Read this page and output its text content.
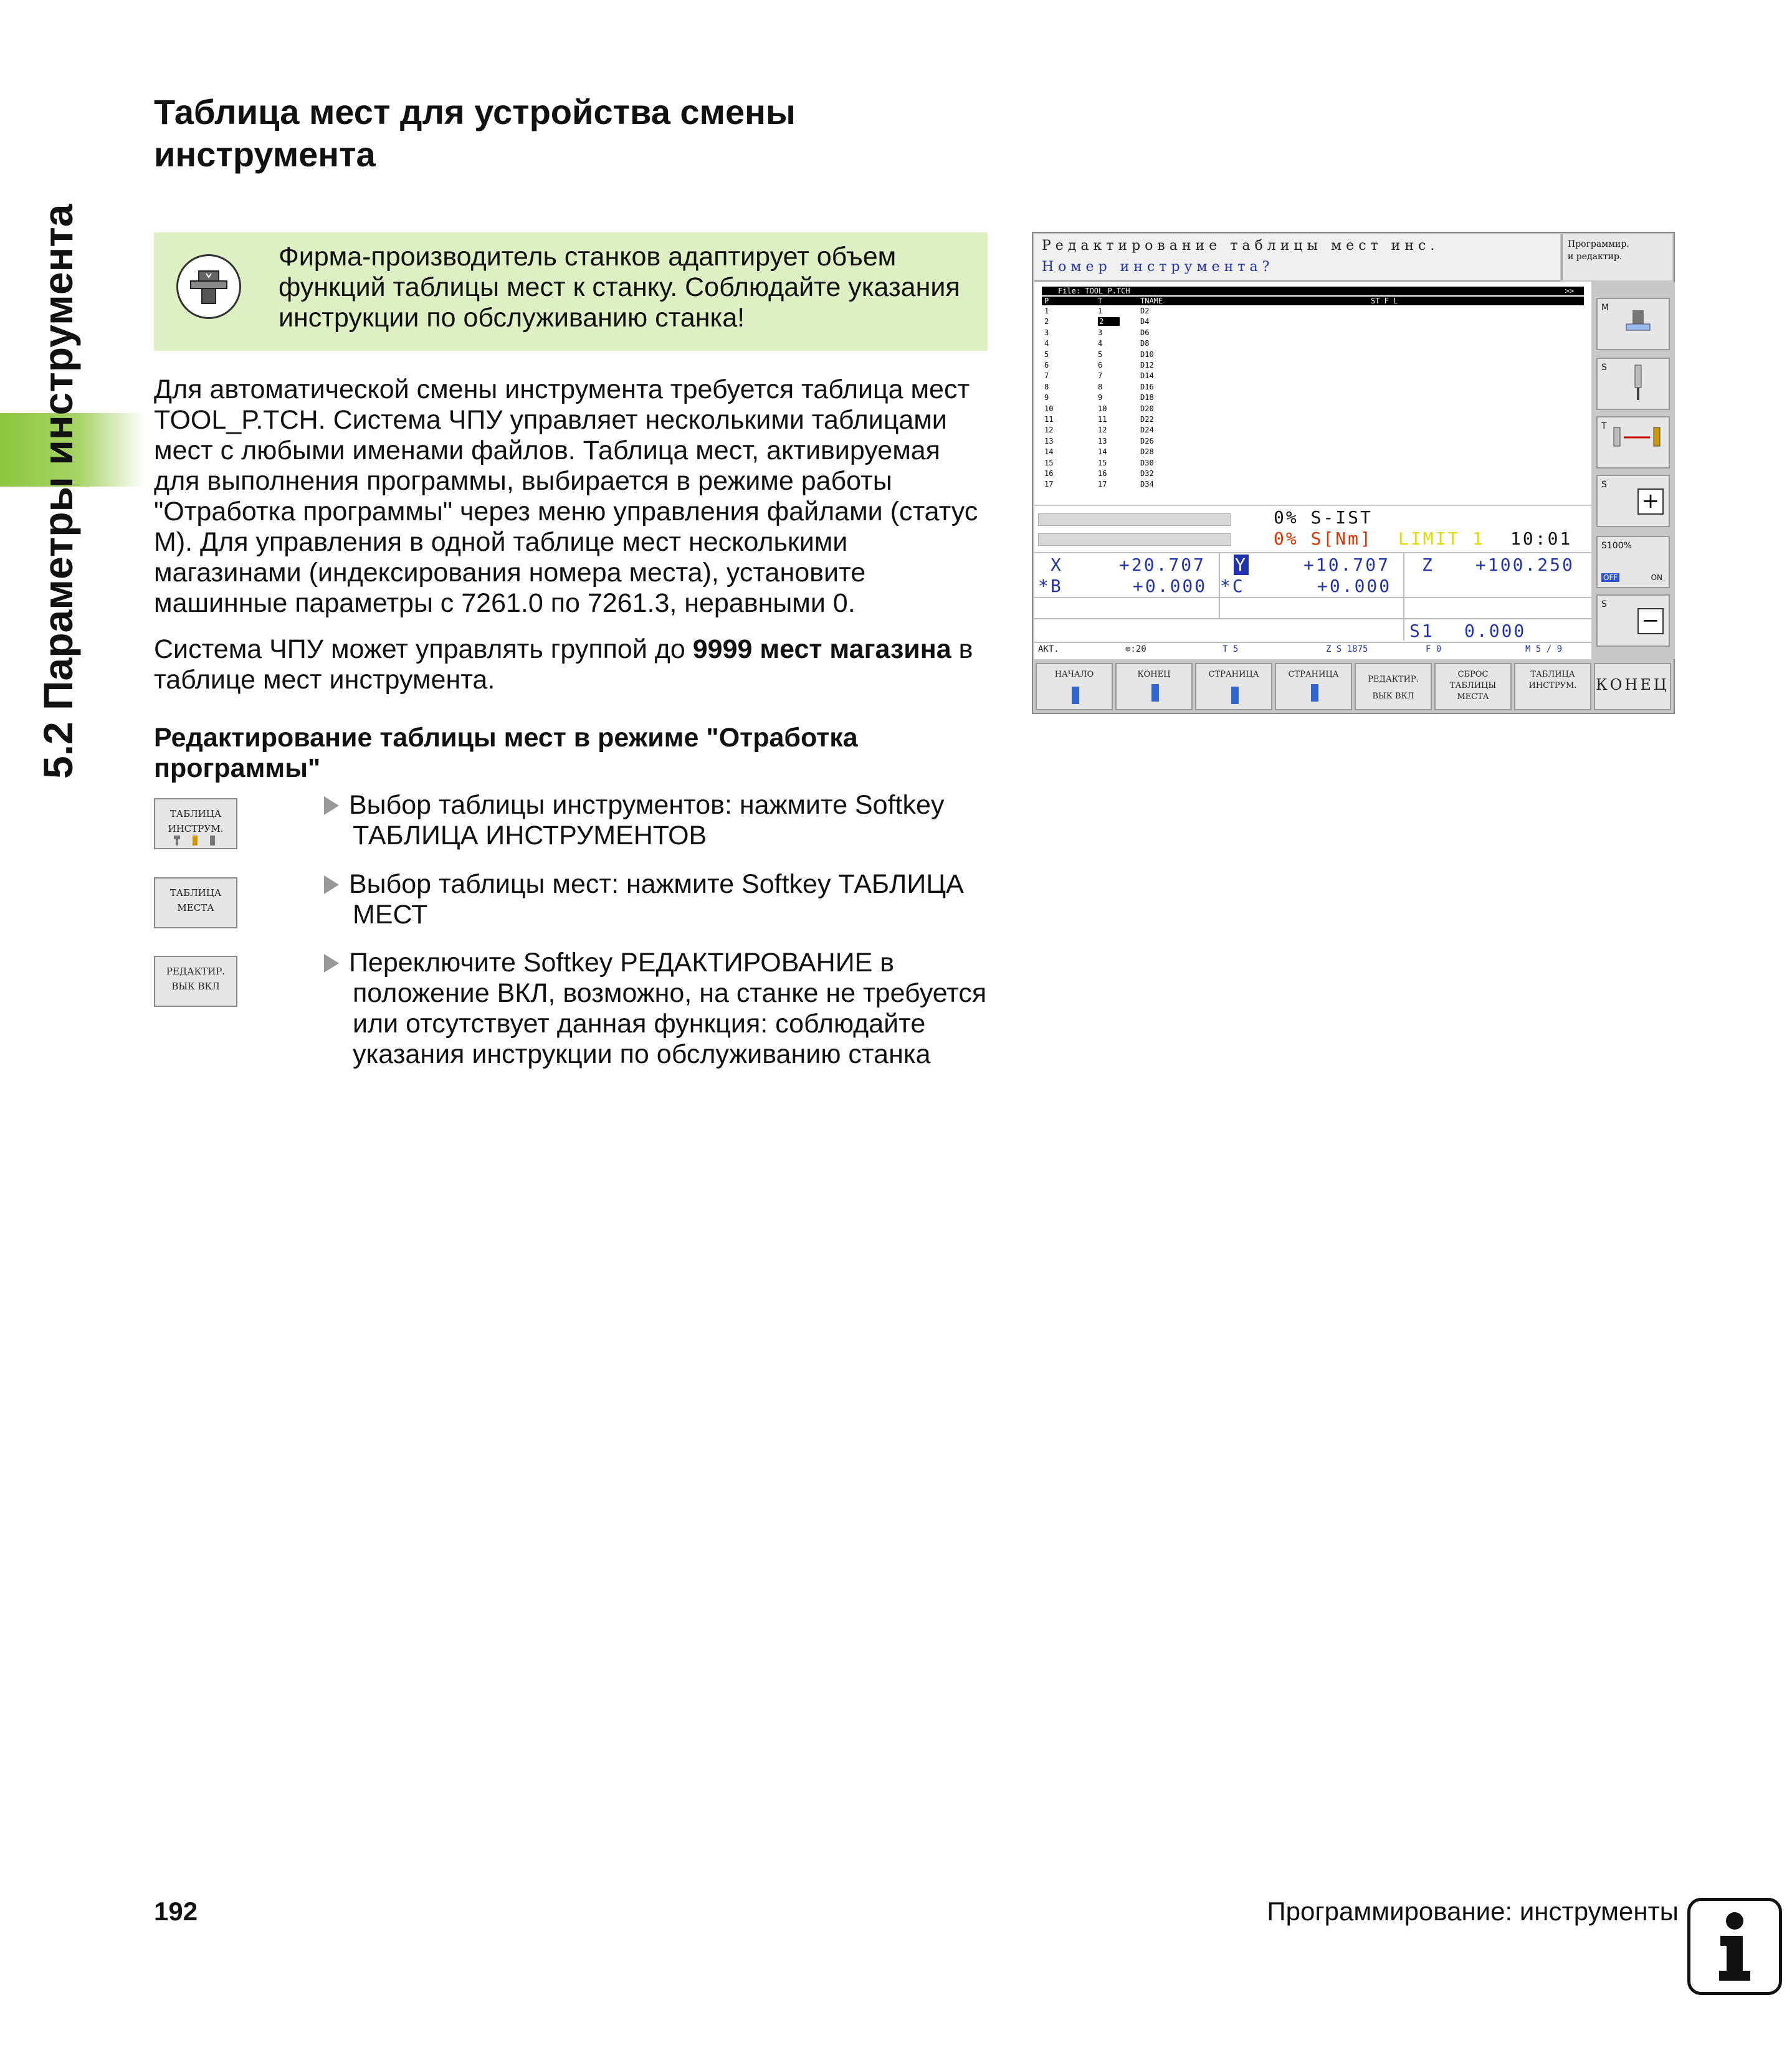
5.2 Параметры инструмента
Таблица мест для устройства смены инструмента
Фирма-производитель станков адаптирует объем функций таблицы мест к станку. Соблюдайте указания инструкции по обслуживанию станка!

Для автоматической смены инструмента требуется таблица мест TOOL_P.TCH. Система ЧПУ управляет несколькими таблицами мест с любыми именами файлов. Таблица мест, активируемая для выполнения программы, выбирается в режиме работы "Отработка программы" через меню управления файлами (статус M). Для управления в одной таблице мест несколькими магазинами (индексирования номера места), установите машинные параметры с 7261.0 по 7261.3, неравными 0.

Система ЧПУ может управлять группой до 9999 мест магазина в таблице мест инструмента.

Редактирование таблицы мест в режиме "Отработка программы"
ТАБЛИЦА
ИНСТРУМ.
Выбор таблицы инструментов: нажмите Softkey
ТАБЛИЦА ИНСТРУМЕНТОВ
ТАБЛИЦА
МЕСТА
Выбор таблицы мест: нажмите Softkey ТАБЛИЦА
МЕСТ
РЕДАКТИР.
ВЫК ВКЛ
Переключите Softkey РЕДАКТИРОВАНИЕ в
положение ВКЛ, возможно, на станке не требуется или отсутствует данная функция: соблюдайте указания инструкции по обслуживанию станка
Редактирование таблицы мест инс.
Номер инструмента?
Программир.
и редактир.
File: TOOL_P.TCH	>>
P	T	TNAME	ST F L
1	1	D2
2	2	D4
3	3	D6
4	4	D8
5	5	D10
6	6	D12
7	7	D14
8	8	D16
9	9	D18
10	10	D20
11	11	D22
12	12	D24
13	13	D26
14	14	D28
15	15	D30
16	16	D32
17	17	D34
M
S
T
S
+
S100%
OFF	ON
S
−
0% S-IST
0% S[Nm] LIMIT 1 10:01
X	+20.707 Y	+10.707 Z +100.250
*B	+0.000 *C	+0.000
S1 0.000
АКТ.	⊕:20	T 5	Z S 1875	F 0	M 5 / 9
НАЧАЛО	КОНЕЦ	СТРАНИЦА	СТРАНИЦА
РЕДАКТИР.
ВЫК ВКЛ
СБРОС ТАБЛИЦЫ МЕСТА
ТАБЛИЦА ИНСТРУМ.	КОНЕЦ
192	Программирование: инструменты
